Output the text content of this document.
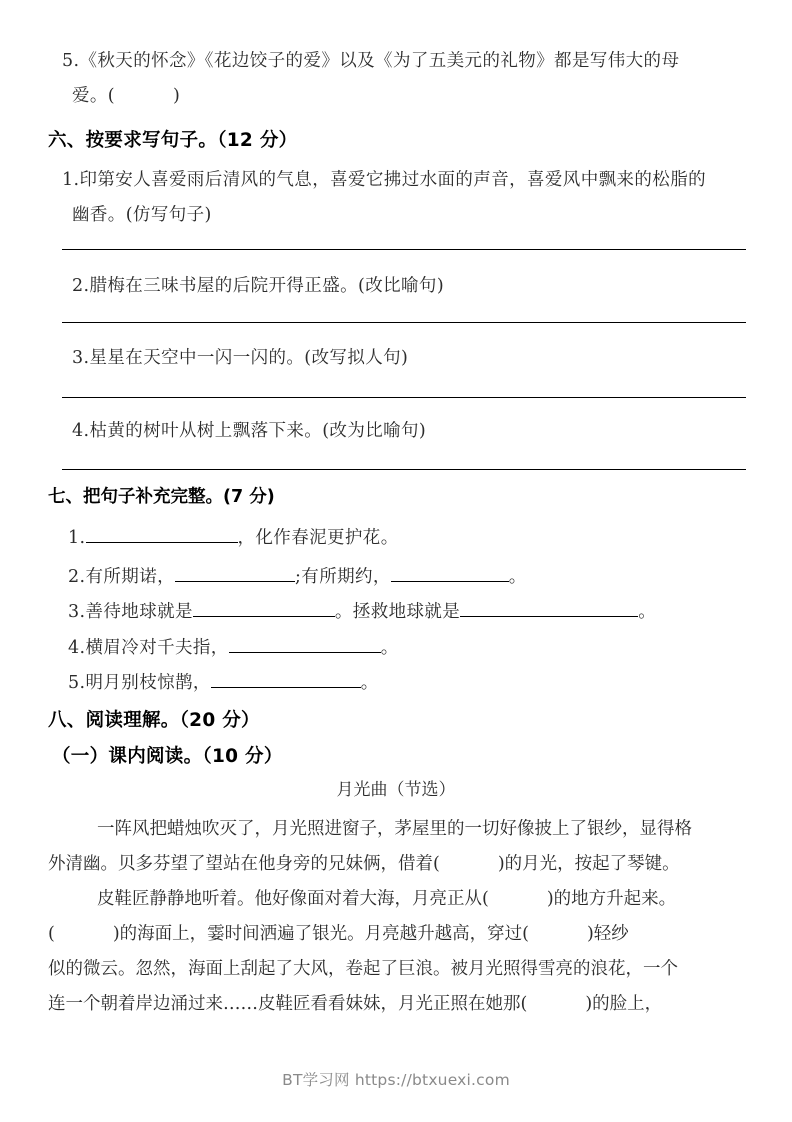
5.《秋天的怀念》《花边饺子的爱》以及《为了五美元的礼物》都是写伟大的母
爱。(	)
六、按要求写句子。（12 分）
1.印第安人喜爱雨后清风的气息，喜爱它拂过水面的声音，喜爱风中飘来的松脂的
幽香。(仿写句子)
2.腊梅在三味书屋的后院开得正盛。(改比喻句)
3.星星在天空中一闪一闪的。(改写拟人句)
4.枯黄的树叶从树上飘落下来。(改为比喻句)
七、把句子补充完整。(7 分)
1.	，化作春泥更护花。
2.有所期诺，	;有所期约，	。
3.善待地球就是	。拯救地球就是	。
4.横眉冷对千夫指，	。
5.明月别枝惊鹊，	。
八、阅读理解。（20 分）
（一）课内阅读。（10 分）
月光曲（节选）
　　一阵风把蜡烛吹灭了，月光照进窗子，茅屋里的一切好像披上了银纱，显得格
外清幽。贝多芬望了望站在他身旁的兄妹俩，借着(	)的月光，按起了琴键。
　　皮鞋匠静静地听着。他好像面对着大海，月亮正从(	)的地方升起来。
(	)的海面上，霎时间洒遍了银光。月亮越升越高，穿过(	)轻纱
似的微云。忽然，海面上刮起了大风，卷起了巨浪。被月光照得雪亮的浪花，一个
连一个朝着岸边涌过来……皮鞋匠看看妹妹，月光正照在她那(	)的脸上，
BT学习网 https://btxuexi.com
